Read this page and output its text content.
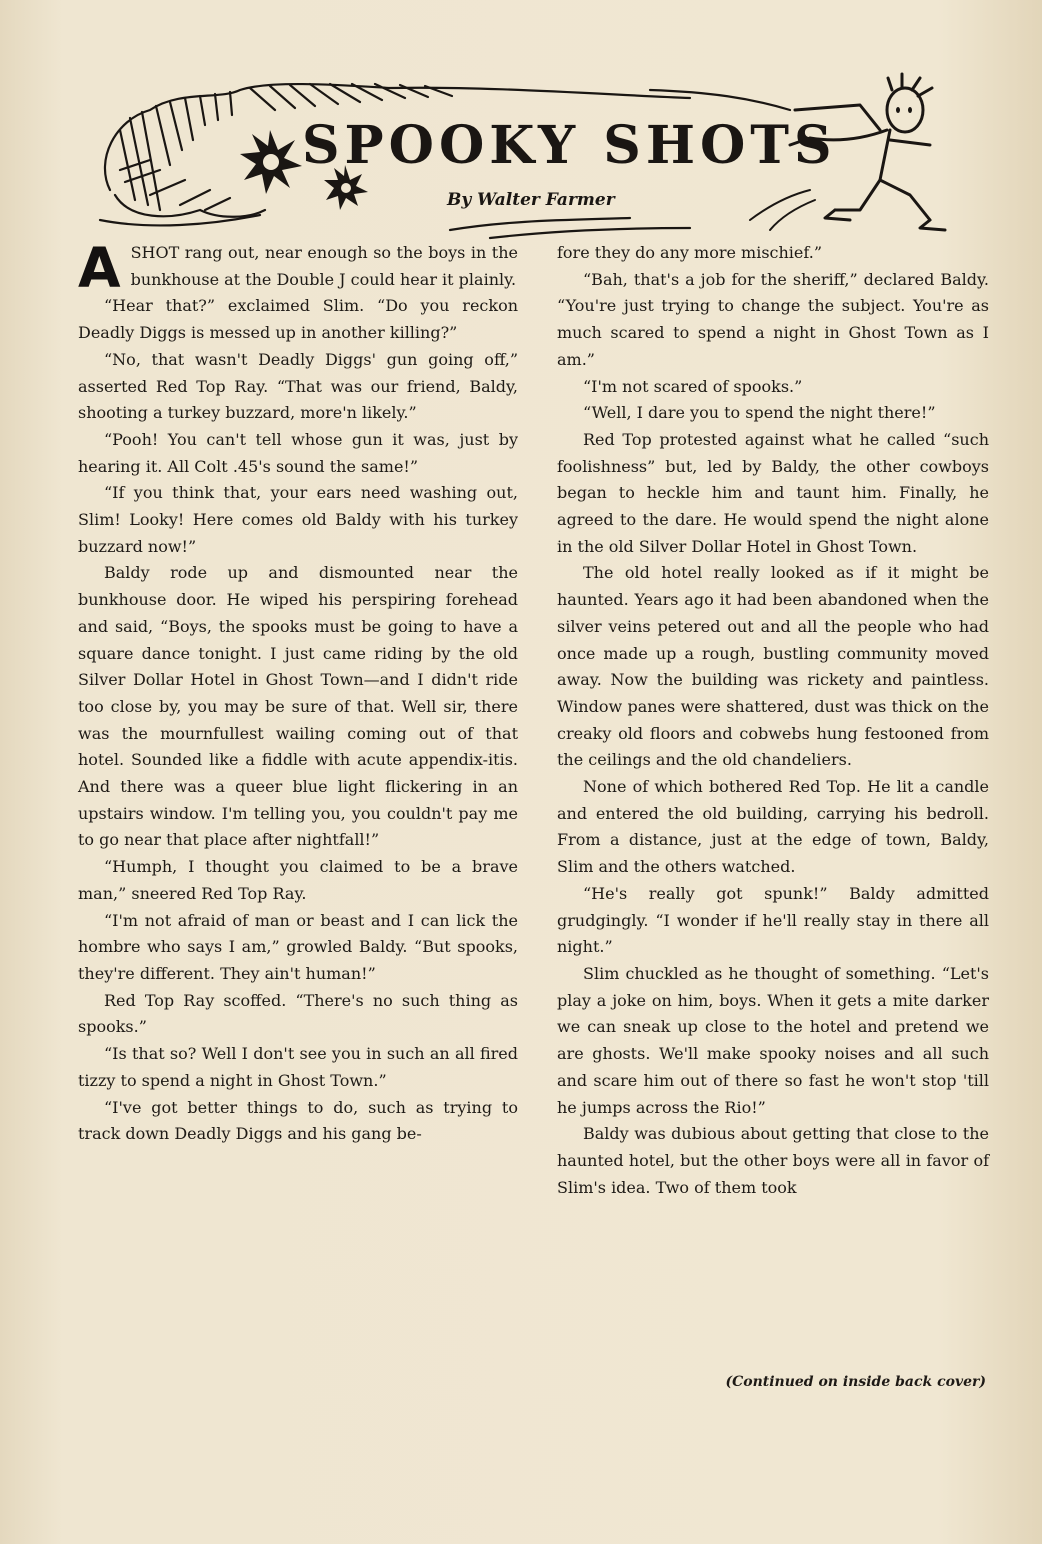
SPOOKY SHOTS
By Walter Farmer

A SHOT rang out, near enough so the boys in the bunkhouse at the Double J could hear it plainly.

“Hear that?” exclaimed Slim. “Do you reckon Deadly Diggs is messed up in another killing?”

“No, that wasn't Deadly Diggs' gun going off,” asserted Red Top Ray. “That was our friend, Baldy, shooting a turkey buzzard, more'n likely.”

“Pooh! You can't tell whose gun it was, just by hearing it. All Colt .45's sound the same!”

“If you think that, your ears need washing out, Slim! Looky! Here comes old Baldy with his turkey buzzard now!”

Baldy rode up and dismounted near the bunkhouse door. He wiped his perspiring forehead and said, “Boys, the spooks must be going to have a square dance tonight. I just came riding by the old Silver Dollar Hotel in Ghost Town—and I didn't ride too close by, you may be sure of that. Well sir, there was the mournfullest wailing coming out of that hotel. Sounded like a fiddle with acute appendix-itis. And there was a queer blue light flickering in an upstairs window. I'm telling you, you couldn't pay me to go near that place after nightfall!”

“Humph, I thought you claimed to be a brave man,” sneered Red Top Ray.

“I'm not afraid of man or beast and I can lick the hombre who says I am,” growled Baldy. “But spooks, they're different. They ain't human!”

Red Top Ray scoffed. “There's no such thing as spooks.”

“Is that so? Well I don't see you in such an all fired tizzy to spend a night in Ghost Town.”

“I've got better things to do, such as trying to track down Deadly Diggs and his gang be-

fore they do any more mischief.”

“Bah, that's a job for the sheriff,” declared Baldy. “You're just trying to change the subject. You're as much scared to spend a night in Ghost Town as I am.”

“I'm not scared of spooks.”

“Well, I dare you to spend the night there!”

Red Top protested against what he called “such foolishness” but, led by Baldy, the other cowboys began to heckle him and taunt him. Finally, he agreed to the dare. He would spend the night alone in the old Silver Dollar Hotel in Ghost Town.

The old hotel really looked as if it might be haunted. Years ago it had been abandoned when the silver veins petered out and all the people who had once made up a rough, bustling community moved away. Now the building was rickety and paintless. Window panes were shattered, dust was thick on the creaky old floors and cobwebs hung festooned from the ceilings and the old chandeliers.

None of which bothered Red Top. He lit a candle and entered the old building, carrying his bedroll. From a distance, just at the edge of town, Baldy, Slim and the others watched.

“He's really got spunk!” Baldy admitted grudgingly. “I wonder if he'll really stay in there all night.”

Slim chuckled as he thought of something. “Let's play a joke on him, boys. When it gets a mite darker we can sneak up close to the hotel and pretend we are ghosts. We'll make spooky noises and all such and scare him out of there so fast he won't stop 'till he jumps across the Rio!”

Baldy was dubious about getting that close to the haunted hotel, but the other boys were all in favor of Slim's idea. Two of them took

(Continued on inside back cover)
